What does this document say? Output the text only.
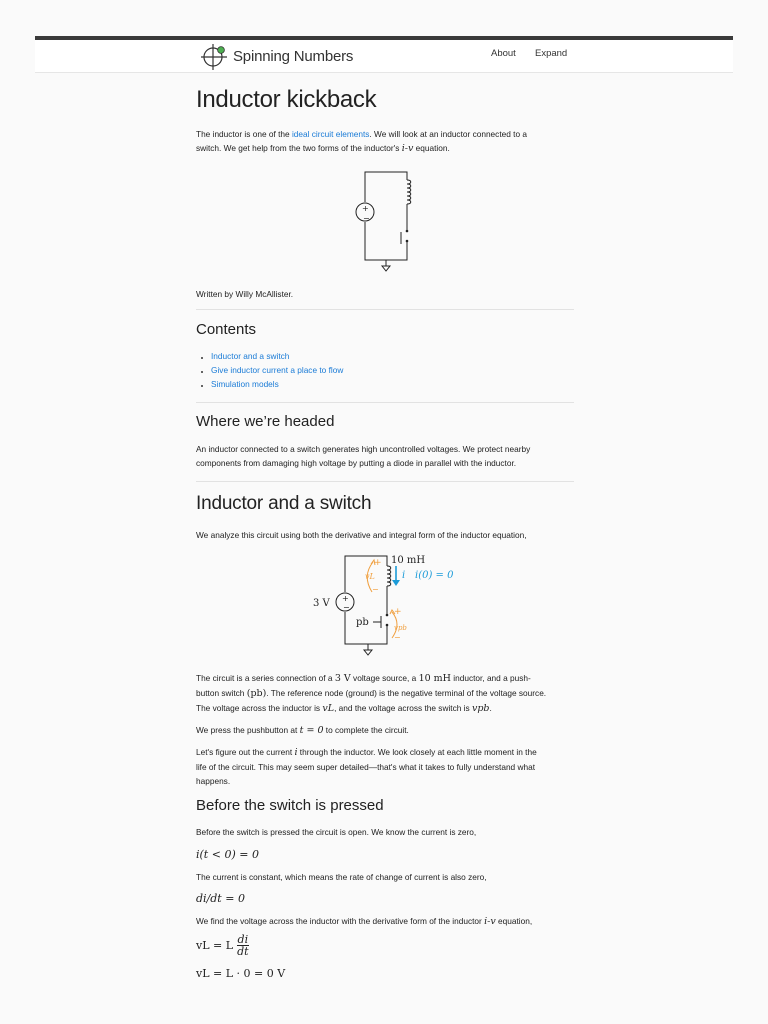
Spinning Numbers	About Expand
Inductor kickback

The inductor is one of the ideal circuit elements. We will look at an inductor connected to a
switch. We get help from the two forms of the inductor's i-v equation.

+
−

Written by Willy McAllister.

Contents
• Inductor and a switch
• Give inductor current a place to flow
• Simulation models
Where we’re headed

An inductor connected to a switch generates high uncontrolled voltages. We protect nearby
components from damaging high voltage by putting a diode in parallel with the inductor.

Inductor and a switch

We analyze this circuit using both the derivative and integral form of the inductor equation,

+
−
+
−
vL
+
−
vpb
i i(0) = 0
10 mH
3 V
pb

The circuit is a series connection of a 3 V voltage source, a 10 mH inductor, and a push-
button switch (pb). The reference node (ground) is the negative terminal of the voltage source.
The voltage across the inductor is vL, and the voltage across the switch is vpb.

We press the pushbutton at t = 0 to complete the circuit.

Let's figure out the current i through the inductor. We look closely at each little moment in the
life of the circuit. This may seem super detailed—that's what it takes to fully understand what
happens.

Before the switch is pressed

Before the switch is pressed the circuit is open. We know the current is zero,

i(t < 0) = 0

The current is constant, which means the rate of change of current is also zero,

di/dt = 0

We find the voltage across the inductor with the derivative form of the inductor i-v equation,

vL = L
$\frac{di}{dt}$
vL = L · 0 = 0 V
